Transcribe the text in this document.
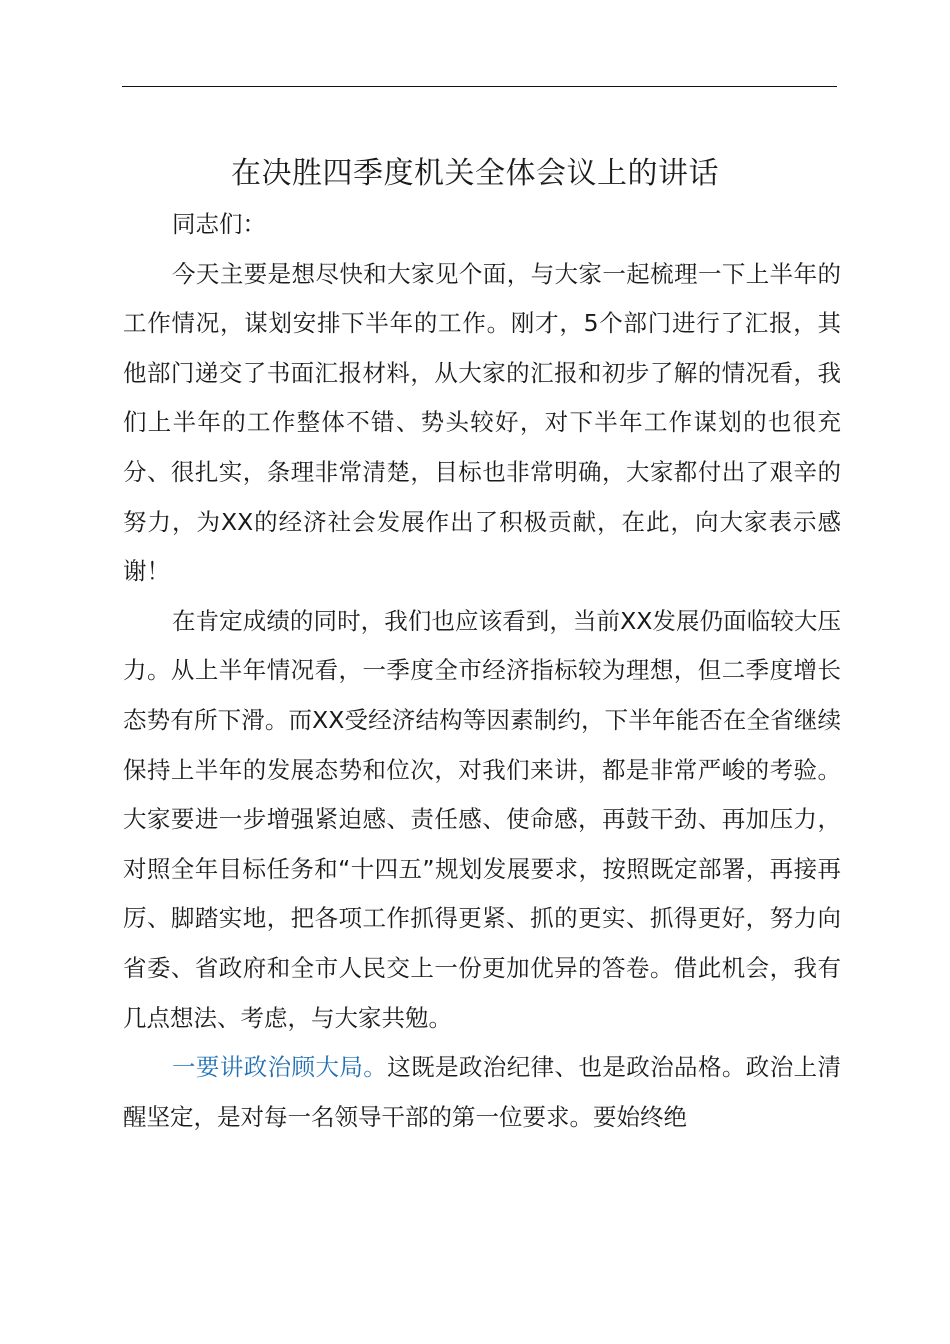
在决胜四季度机关全体会议上的讲话

同志们：

今天主要是想尽快和大家见个面，与大家一起梳理一下上半年的工作情况，谋划安排下半年的工作。刚才，5个部门进行了汇报，其他部门递交了书面汇报材料，从大家的汇报和初步了解的情况看，我们上半年的工作整体不错、势头较好，对下半年工作谋划的也很充分、很扎实，条理非常清楚，目标也非常明确，大家都付出了艰辛的努力，为XX的经济社会发展作出了积极贡献，在此，向大家表示感谢！

在肯定成绩的同时，我们也应该看到，当前XX发展仍面临较大压力。从上半年情况看，一季度全市经济指标较为理想，但二季度增长态势有所下滑。而XX受经济结构等因素制约，下半年能否在全省继续保持上半年的发展态势和位次，对我们来讲，都是非常严峻的考验。大家要进一步增强紧迫感、责任感、使命感，再鼓干劲、再加压力，对照全年目标任务和“十四五”规划发展要求，按照既定部署，再接再厉、脚踏实地，把各项工作抓得更紧、抓的更实、抓得更好，努力向省委、省政府和全市人民交上一份更加优异的答卷。借此机会，我有几点想法、考虑，与大家共勉。

一要讲政治顾大局。这既是政治纪律、也是政治品格。政治上清醒坚定，是对每一名领导干部的第一位要求。要始终绝
